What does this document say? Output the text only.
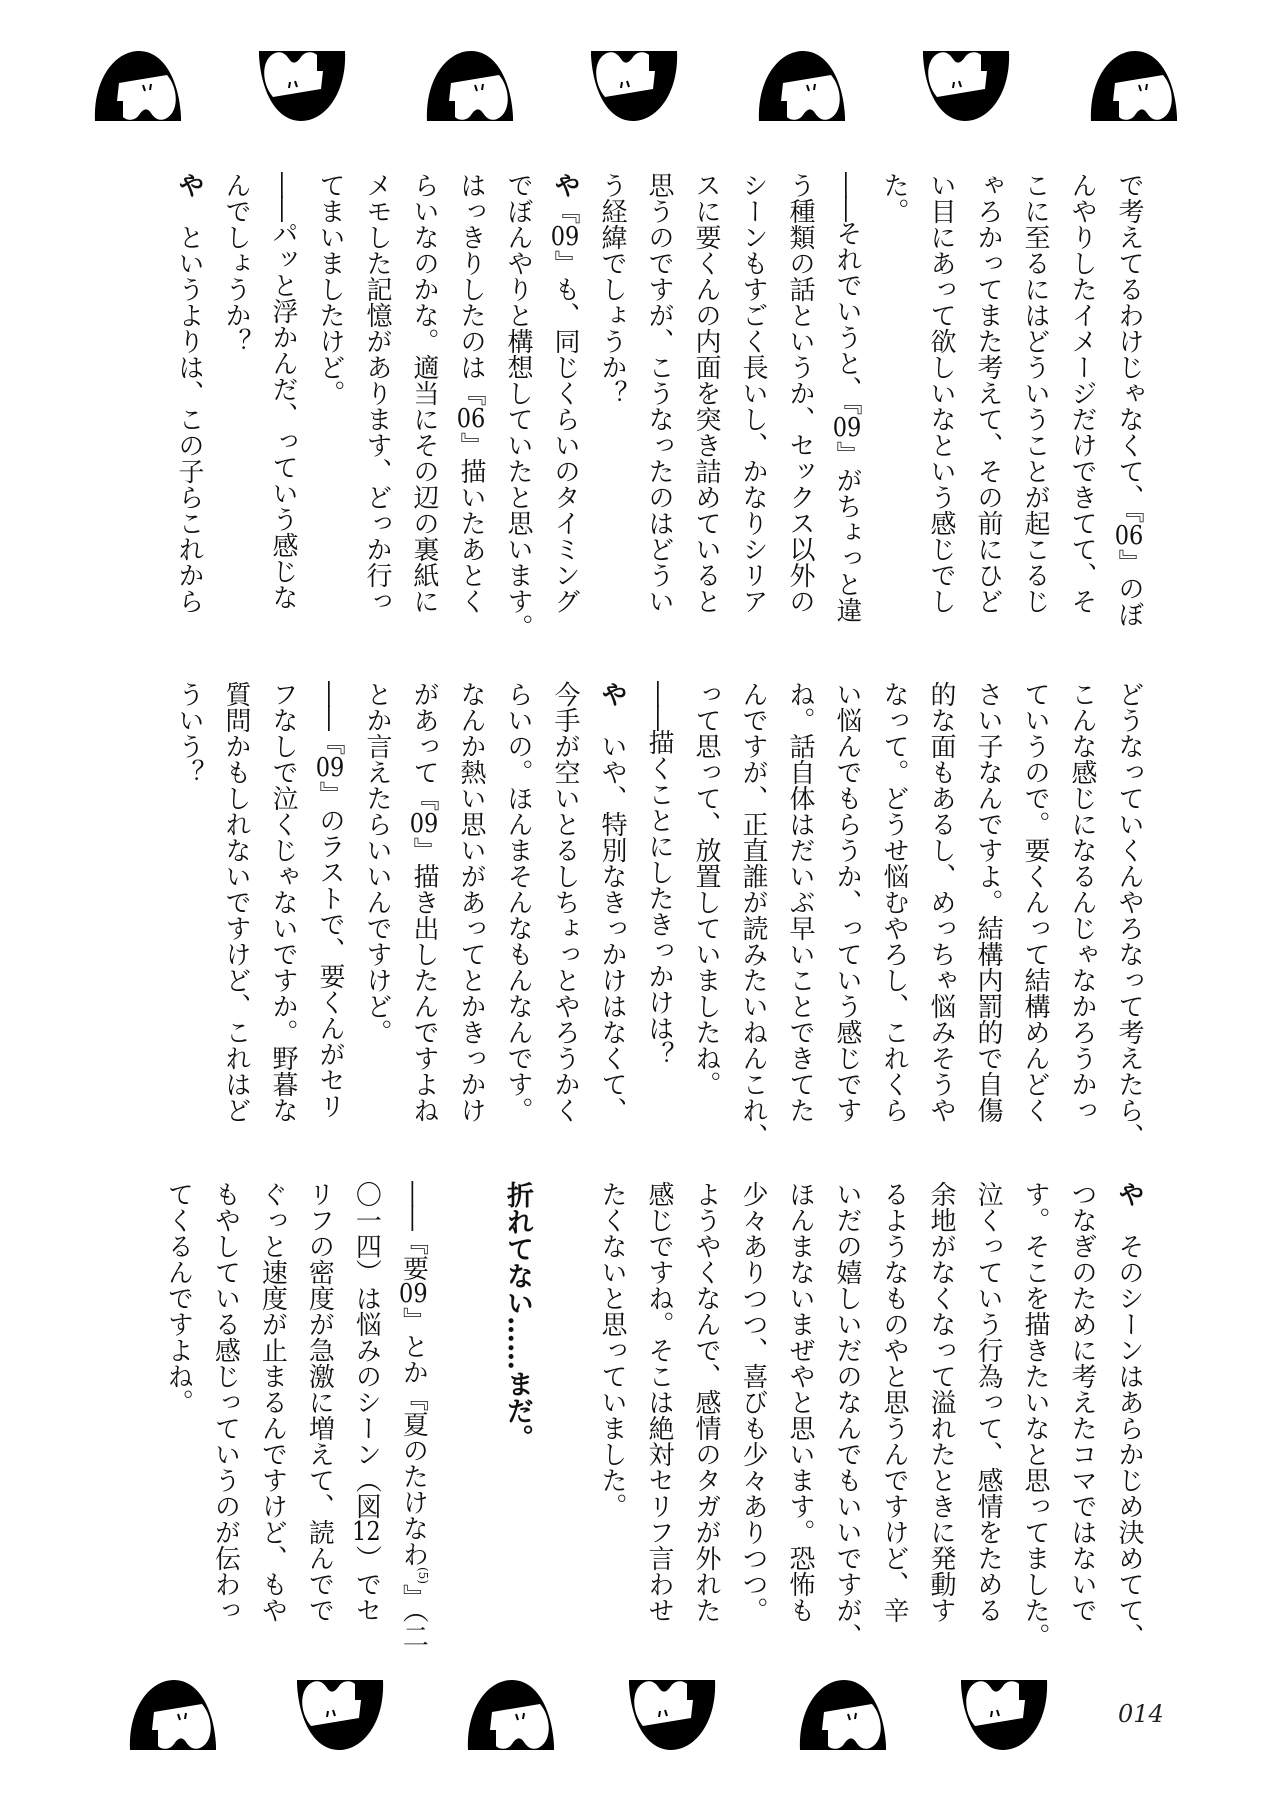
で考えてるわけじゃなくて、『06』のぼ
んやりしたイメージだけできてて、そ
こに至るにはどういうことが起こるじ
ゃろかってまた考えて、その前にひど
い目にあって欲しいなという感じでし
た。
――それでいうと、『09』がちょっと違
う種類の話というか、セックス以外の
シーンもすごく長いし、かなりシリア
スに要くんの内面を突き詰めていると
思うのですが、こうなったのはどうい
う経緯でしょうか？
や『09』も、同じくらいのタイミング
でぼんやりと構想していたと思います。
はっきりしたのは『06』描いたあとく
らいなのかな。適当にその辺の裏紙に
メモした記憶があります、どっか行っ
てまいましたけど。
――パッと浮かんだ、っていう感じな
んでしょうか？
や　というよりは、この子らこれから
どうなっていくんやろなって考えたら、
こんな感じになるんじゃなかろうかっ
ていうので。要くんって結構めんどく
さい子なんですよ。結構内罰的で自傷
的な面もあるし、めっちゃ悩みそうや
なって。どうせ悩むやろし、これくら
い悩んでもらうか、っていう感じです
ね。話自体はだいぶ早いことできてた
んですが、正直誰が読みたいねんこれ、
って思って、放置していましたね。
――描くことにしたきっかけは？
や　いや、特別なきっかけはなくて、
今手が空いとるしちょっとやろうかく
らいの。ほんまそんなもんなんです。
なんか熱い思いがあってとかきっかけ
があって『09』描き出したんですよね
とか言えたらいいんですけど。
――『09』のラストで、要くんがセリ
フなしで泣くじゃないですか。野暮な
質問かもしれないですけど、これはど
ういう？
や　そのシーンはあらかじめ決めてて、
つなぎのために考えたコマではないで
す。そこを描きたいなと思ってました。
泣くっていう行為って、感情をためる
余地がなくなって溢れたときに発動す
るようなものやと思うんですけど、辛
いだの嬉しいだのなんでもいいですが、
ほんまないまぜやと思います。恐怖も
少々ありつつ、喜びも少々ありつつ。
ようやくなんで、感情のタガが外れた
感じですね。そこは絶対セリフ言わせ
たくないと思っていました。

折れてない……まだ。

――『要09』とか『夏のたけなわ$^{(5)}$』（二
〇一四）は悩みのシーン（図12）でセ
リフの密度が急激に増えて、読んでで
ぐっと速度が止まるんですけど、もや
もやしている感じっていうのが伝わっ
てくるんですよね。
014
